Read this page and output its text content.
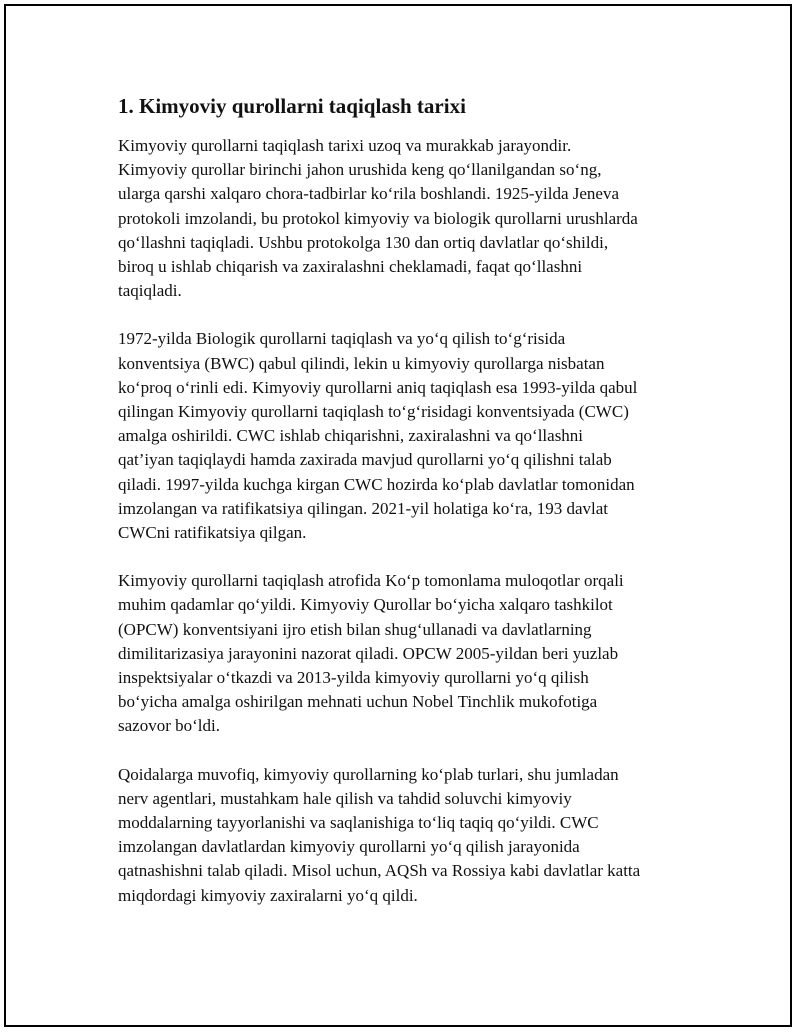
1. Kimyoviy qurollarni taqiqlash tarixi

Kimyoviy qurollarni taqiqlash tarixi uzoq va murakkab jarayondir.
Kimyoviy qurollar birinchi jahon urushida keng qo‘llanilgandan so‘ng,
ularga qarshi xalqaro chora-tadbirlar ko‘rila boshlandi. 1925-yilda Jeneva
protokoli imzolandi, bu protokol kimyoviy va biologik qurollarni urushlarda
qo‘llashni taqiqladi. Ushbu protokolga 130 dan ortiq davlatlar qo‘shildi,
biroq u ishlab chiqarish va zaxiralashni cheklamadi, faqat qo‘llashni
taqiqladi.

1972-yilda Biologik qurollarni taqiqlash va yo‘q qilish to‘g‘risida
konventsiya (BWC) qabul qilindi, lekin u kimyoviy qurollarga nisbatan
ko‘proq o‘rinli edi. Kimyoviy qurollarni aniq taqiqlash esa 1993-yilda qabul
qilingan Kimyoviy qurollarni taqiqlash to‘g‘risidagi konventsiyada (CWC)
amalga oshirildi. CWC ishlab chiqarishni, zaxiralashni va qo‘llashni
qat’iyan taqiqlaydi hamda zaxirada mavjud qurollarni yo‘q qilishni talab
qiladi. 1997-yilda kuchga kirgan CWC hozirda ko‘plab davlatlar tomonidan
imzolangan va ratifikatsiya qilingan. 2021-yil holatiga ko‘ra, 193 davlat
CWCni ratifikatsiya qilgan.

Kimyoviy qurollarni taqiqlash atrofida Ko‘p tomonlama muloqotlar orqali
muhim qadamlar qo‘yildi. Kimyoviy Qurollar bo‘yicha xalqaro tashkilot
(OPCW) konventsiyani ijro etish bilan shug‘ullanadi va davlatlarning
dimilitarizasiya jarayonini nazorat qiladi. OPCW 2005-yildan beri yuzlab
inspektsiyalar o‘tkazdi va 2013-yilda kimyoviy qurollarni yo‘q qilish
bo‘yicha amalga oshirilgan mehnati uchun Nobel Tinchlik mukofotiga
sazovor bo‘ldi.

Qoidalarga muvofiq, kimyoviy qurollarning ko‘plab turlari, shu jumladan
nerv agentlari, mustahkam hale qilish va tahdid soluvchi kimyoviy
moddalarning tayyorlanishi va saqlanishiga to‘liq taqiq qo‘yildi. CWC
imzolangan davlatlardan kimyoviy qurollarni yo‘q qilish jarayonida
qatnashishni talab qiladi. Misol uchun, AQSh va Rossiya kabi davlatlar katta
miqdordagi kimyoviy zaxiralarni yo‘q qildi.
